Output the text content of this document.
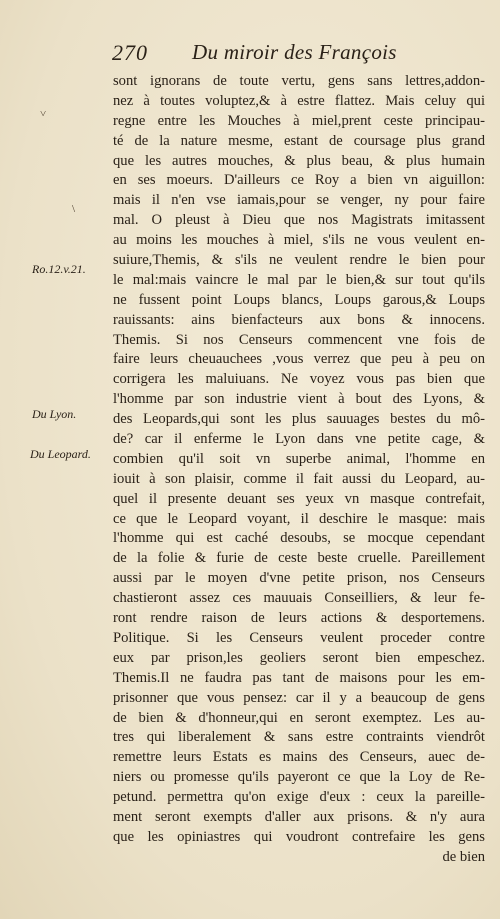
270 Du miroir des François
˅
\
Ro.12.v.21.
Du Lyon.
Du Leopard.
sont ignorans de toute vertu, gens sans lettres,addon-
nez à toutes voluptez,& à estre flattez. Mais celuy qui
regne entre les Mouches à miel,prent ceste principau-
té de la nature mesme, estant de coursage plus grand
que les autres mouches, & plus beau, & plus humain
en ses moeurs. D'ailleurs ce Roy a bien vn aiguillon:
mais il n'en vse iamais,pour se venger, ny pour faire
mal. O pleust à Dieu que nos Magistrats imitassent
au moins les mouches à miel, s'ils ne vous veulent en-
suiure,Themis, & s'ils ne veulent rendre le bien pour
le mal:mais vaincre le mal par le bien,& sur tout qu'ils
ne fussent point Loups blancs, Loups garous,& Loups
rauissants: ains bienfacteurs aux bons & innocens.
Themis. Si nos Censeurs commencent vne fois de
faire leurs cheuauchees ,vous verrez que peu à peu on
corrigera les maluiuans. Ne voyez vous pas bien que
l'homme par son industrie vient à bout des Lyons, &
des Leopards,qui sont les plus sauuages bestes du mô-
de? car il enferme le Lyon dans vne petite cage, &
combien qu'il soit vn superbe animal, l'homme en
iouit à son plaisir, comme il fait aussi du Leopard, au-
quel il presente deuant ses yeux vn masque contrefait,
ce que le Leopard voyant, il deschire le masque: mais
l'homme qui est caché desoubs, se mocque cependant
de la folie & furie de ceste beste cruelle. Pareillement
aussi par le moyen d'vne petite prison, nos Censeurs
chastieront assez ces mauuais Conseilliers, & leur fe-
ront rendre raison de leurs actions & desportemens.
Politique. Si les Censeurs veulent proceder contre
eux par prison,les geoliers seront bien empeschez.
Themis.Il ne faudra pas tant de maisons pour les em-
prisonner que vous pensez: car il y a beaucoup de gens
de bien & d'honneur,qui en seront exemptez. Les au-
tres qui liberalement & sans estre contraints viendrôt
remettre leurs Estats es mains des Censeurs, auec de-
niers ou promesse qu'ils payeront ce que la Loy de Re-
petund. permettra qu'on exige d'eux : ceux la pareille-
ment seront exempts d'aller aux prisons. & n'y aura
que les opiniastres qui voudront contrefaire les gens
de bien
